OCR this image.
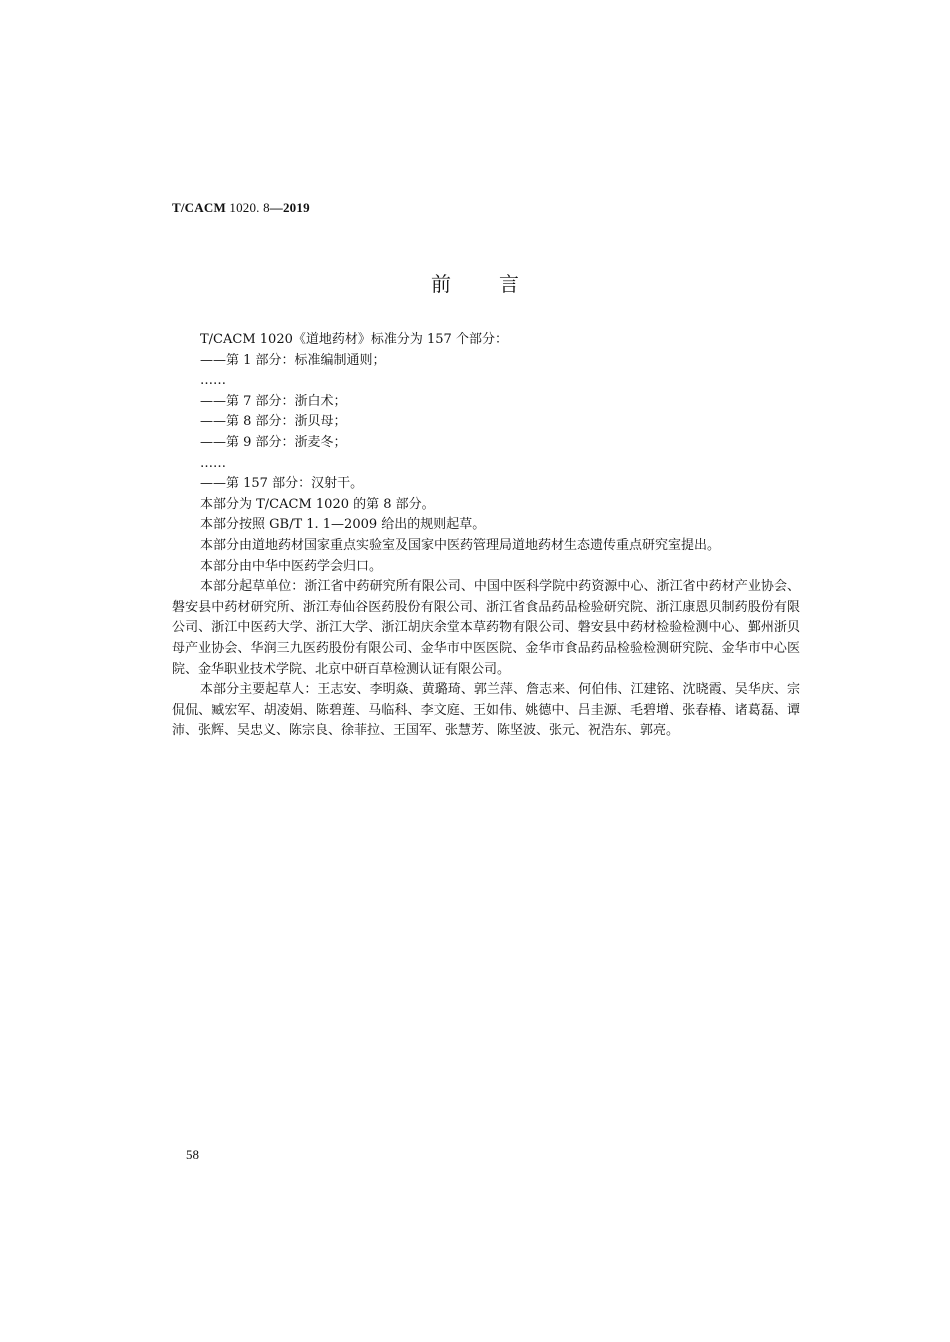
T/CACM 1020. 8—2019
前言

T/CACM 1020《道地药材》标准分为 157 个部分：

——第 1 部分：标准编制通则；

……

——第 7 部分：浙白术；

——第 8 部分：浙贝母；

——第 9 部分：浙麦冬；

……

——第 157 部分：汉射干。

本部分为 T/CACM 1020 的第 8 部分。

本部分按照 GB/T 1. 1—2009 给出的规则起草。

本部分由道地药材国家重点实验室及国家中医药管理局道地药材生态遗传重点研究室提出。

本部分由中华中医药学会归口。

本部分起草单位：浙江省中药研究所有限公司、中国中医科学院中药资源中心、浙江省中药材产业协会、磐安县中药材研究所、浙江寿仙谷医药股份有限公司、浙江省食品药品检验研究院、浙江康恩贝制药股份有限公司、浙江中医药大学、浙江大学、浙江胡庆余堂本草药物有限公司、磐安县中药材检验检测中心、鄞州浙贝母产业协会、华润三九医药股份有限公司、金华市中医医院、金华市食品药品检验检测研究院、金华市中心医院、金华职业技术学院、北京中研百草检测认证有限公司。

本部分主要起草人：王志安、李明焱、黄璐琦、郭兰萍、詹志来、何伯伟、江建铭、沈晓霞、吴华庆、宗侃侃、臧宏军、胡凌娟、陈碧莲、马临科、李文庭、王如伟、姚德中、吕圭源、毛碧增、张春椿、诸葛磊、谭沛、张辉、吴忠义、陈宗良、徐菲拉、王国军、张慧芳、陈坚波、张元、祝浩东、郭亮。

58
